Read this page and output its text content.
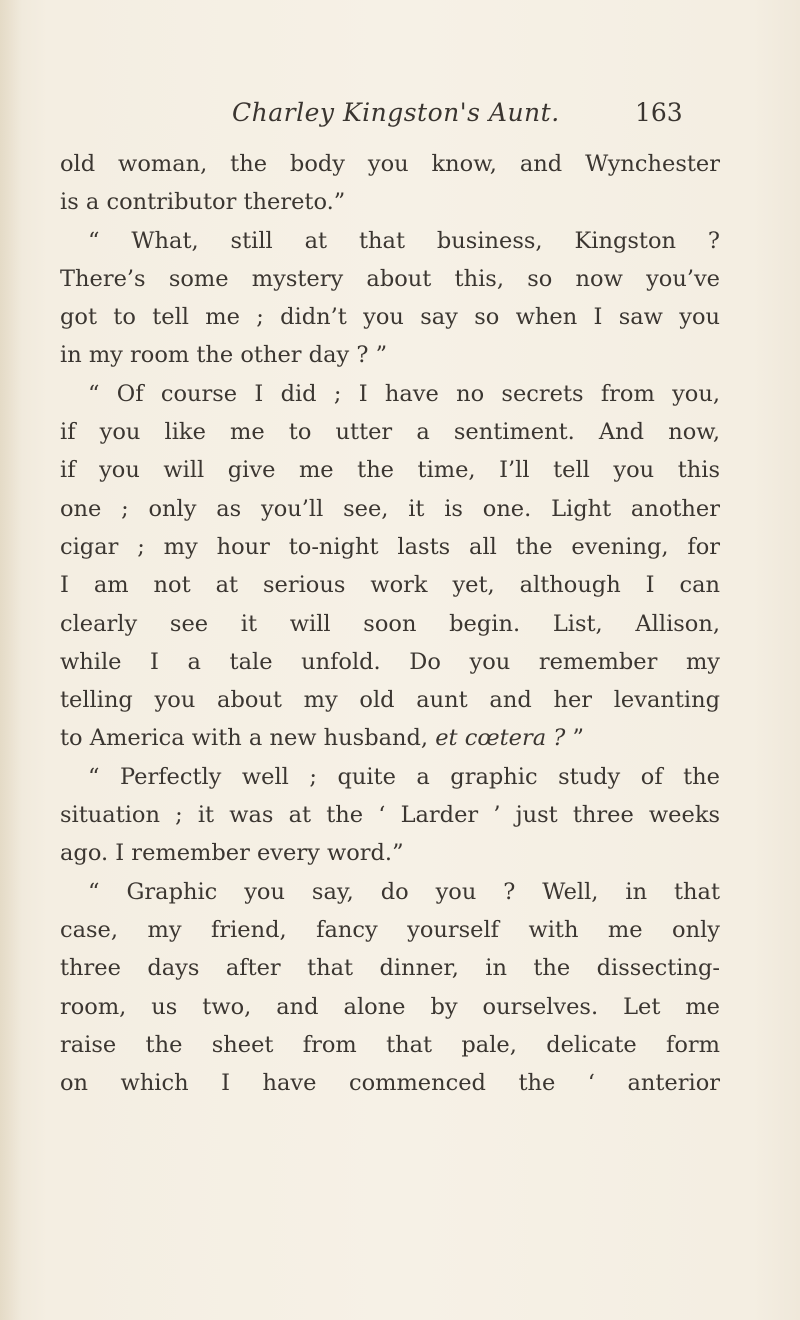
Charley Kingston's Aunt.	163
old woman, the body you know, and Wynchester
is a contributor thereto.”
“ What, still at that business, Kingston ?
There’s some mystery about this, so now you’ve
got to tell me ; didn’t you say so when I saw you
in my room the other day ? ”
“ Of course I did ; I have no secrets from you,
if you like me to utter a sentiment. And now,
if you will give me the time, I’ll tell you this
one ; only as you’ll see, it is one. Light another
cigar ; my hour to-night lasts all the evening, for
I am not at serious work yet, although I can
clearly see it will soon begin. List, Allison,
while I a tale unfold. Do you remember my
telling you about my old aunt and her levanting
to America with a new husband, et cœtera ? ”
“ Perfectly well ; quite a graphic study of the
situation ; it was at the ‘ Larder ’ just three weeks
ago. I remember every word.”
“ Graphic you say, do you ? Well, in that
case, my friend, fancy yourself with me only
three days after that dinner, in the dissecting-
room, us two, and alone by ourselves. Let me
raise the sheet from that pale, delicate form
on which I have commenced the ‘ anterior
